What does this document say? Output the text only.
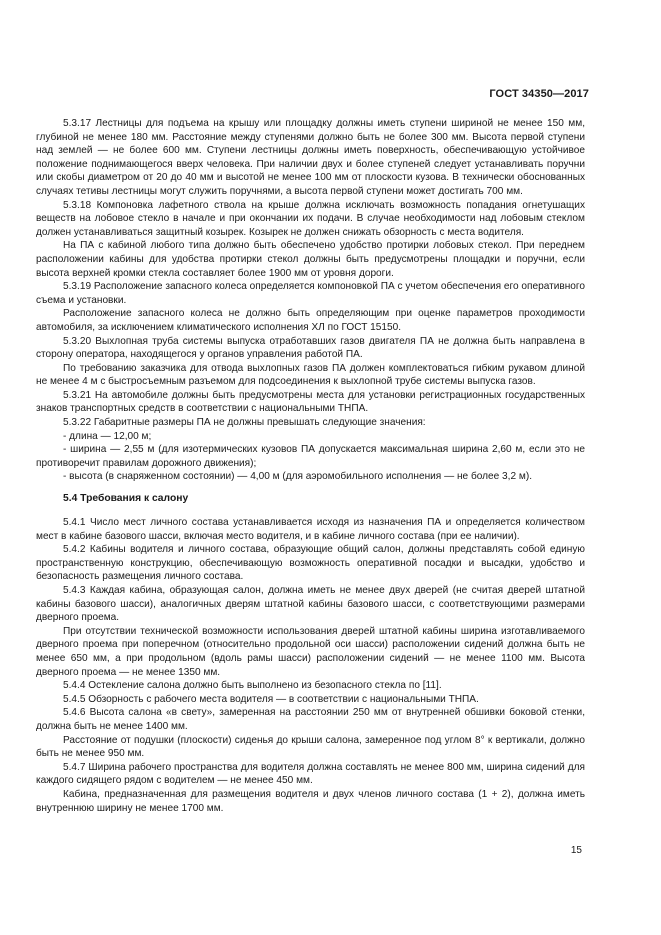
ГОСТ 34350—2017

5.3.17 Лестницы для подъема на крышу или площадку должны иметь ступени шириной не менее 150 мм, глубиной не менее 180 мм. Расстояние между ступенями должно быть не более 300 мм. Высота первой ступени над землей — не более 600 мм. Ступени лестницы должны иметь поверхность, обеспечивающую устойчивое положение поднимающегося вверх человека. При наличии двух и более ступеней следует устанавливать поручни или скобы диаметром от 20 до 40 мм и высотой не менее 100 мм от плоскости кузова. В технически обоснованных случаях тетивы лестницы могут служить поручнями, а высота первой ступени может достигать 700 мм.

5.3.18 Компоновка лафетного ствола на крыше должна исключать возможность попадания огнетушащих веществ на лобовое стекло в начале и при окончании их подачи. В случае необходимости над лобовым стеклом должен устанавливаться защитный козырек. Козырек не должен снижать обзорность с места водителя.

На ПА с кабиной любого типа должно быть обеспечено удобство протирки лобовых стекол. При переднем расположении кабины для удобства протирки стекол должны быть предусмотрены площадки и поручни, если высота верхней кромки стекла составляет более 1900 мм от уровня дороги.

5.3.19 Расположение запасного колеса определяется компоновкой ПА с учетом обеспечения его оперативного съема и установки.

Расположение запасного колеса не должно быть определяющим при оценке параметров проходимости автомобиля, за исключением климатического исполнения ХЛ по ГОСТ 15150.

5.3.20 Выхлопная труба системы выпуска отработавших газов двигателя ПА не должна быть направлена в сторону оператора, находящегося у органов управления работой ПА.

По требованию заказчика для отвода выхлопных газов ПА должен комплектоваться гибким рукавом длиной не менее 4 м с быстросъемным разъемом для подсоединения к выхлопной трубе системы выпуска газов.

5.3.21 На автомобиле должны быть предусмотрены места для установки регистрационных государственных знаков транспортных средств в соответствии с национальными ТНПА.

5.3.22 Габаритные размеры ПА не должны превышать следующие значения:

- длина — 12,00 м;

- ширина — 2,55 м (для изотермических кузовов ПА допускается максимальная ширина 2,60 м, если это не противоречит правилам дорожного движения);

- высота (в снаряженном состоянии) — 4,00 м (для аэромобильного исполнения — не более 3,2 м).

5.4 Требования к салону

5.4.1 Число мест личного состава устанавливается исходя из назначения ПА и определяется количеством мест в кабине базового шасси, включая место водителя, и в кабине личного состава (при ее наличии).

5.4.2 Кабины водителя и личного состава, образующие общий салон, должны представлять собой единую пространственную конструкцию, обеспечивающую возможность оперативной посадки и высадки, удобство и безопасность размещения личного состава.

5.4.3 Каждая кабина, образующая салон, должна иметь не менее двух дверей (не считая дверей штатной кабины базового шасси), аналогичных дверям штатной кабины базового шасси, с соответствующими размерами дверного проема.

При отсутствии технической возможности использования дверей штатной кабины ширина изготавливаемого дверного проема при поперечном (относительно продольной оси шасси) расположении сидений должна быть не менее 650 мм, а при продольном (вдоль рамы шасси) расположении сидений — не менее 1100 мм. Высота дверного проема — не менее 1350 мм.

5.4.4 Остекление салона должно быть выполнено из безопасного стекла по [11].

5.4.5 Обзорность с рабочего места водителя — в соответствии с национальными ТНПА.

5.4.6 Высота салона «в свету», замеренная на расстоянии 250 мм от внутренней обшивки боковой стенки, должна быть не менее 1400 мм.

Расстояние от подушки (плоскости) сиденья до крыши салона, замеренное под углом 8° к вертикали, должно быть не менее 950 мм.

5.4.7 Ширина рабочего пространства для водителя должна составлять не менее 800 мм, ширина сидений для каждого сидящего рядом с водителем — не менее 450 мм.

Кабина, предназначенная для размещения водителя и двух членов личного состава (1 + 2), должна иметь внутреннюю ширину не менее 1700 мм.

15
